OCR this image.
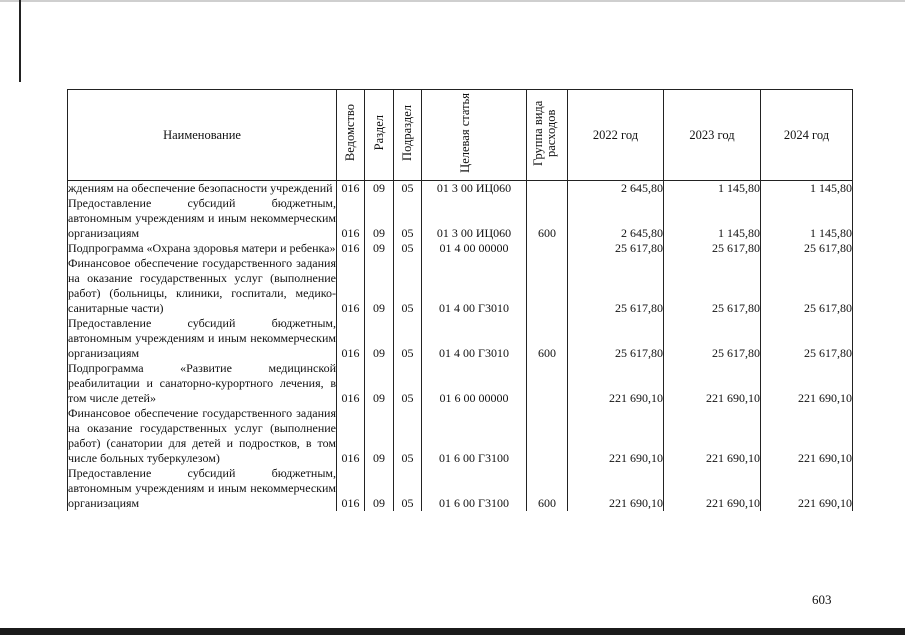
Наименование	Ведомство	Раздел	Подраздел	Целевая статья	Группа вида расходов	2022 год	2023 год	2024 год
ждениям на обеспечение безопасности учреждений	016	09	05	01 3 00 ИЦ060		2 645,80	1 145,80	1 145,80
Предоставление субсидий бюджетным, автономным учреждениям и иным некоммерческим организациям	016	09	05	01 3 00 ИЦ060	600	2 645,80	1 145,80	1 145,80
Подпрограмма «Охрана здоровья матери и ребенка»	016	09	05	01 4 00 00000		25 617,80	25 617,80	25 617,80
Финансовое обеспечение государственного задания на оказание государственных услуг (выполнение работ) (больницы, клиники, госпитали, медико-санитарные части)	016	09	05	01 4 00 Г3010		25 617,80	25 617,80	25 617,80
Предоставление субсидий бюджетным, автономным учреждениям и иным некоммерческим организациям	016	09	05	01 4 00 Г3010	600	25 617,80	25 617,80	25 617,80
Подпрограмма «Развитие медицинской реабилитации и санаторно-курортного лечения, в том числе детей»	016	09	05	01 6 00 00000		221 690,10	221 690,10	221 690,10
Финансовое обеспечение государственного задания на оказание государственных услуг (выполнение работ) (санатории для детей и подростков, в том числе больных туберкулезом)	016	09	05	01 6 00 Г3100		221 690,10	221 690,10	221 690,10
Предоставление субсидий бюджетным, автономным учреждениям и иным некоммерческим организациям	016	09	05	01 6 00 Г3100	600	221 690,10	221 690,10	221 690,10
603
